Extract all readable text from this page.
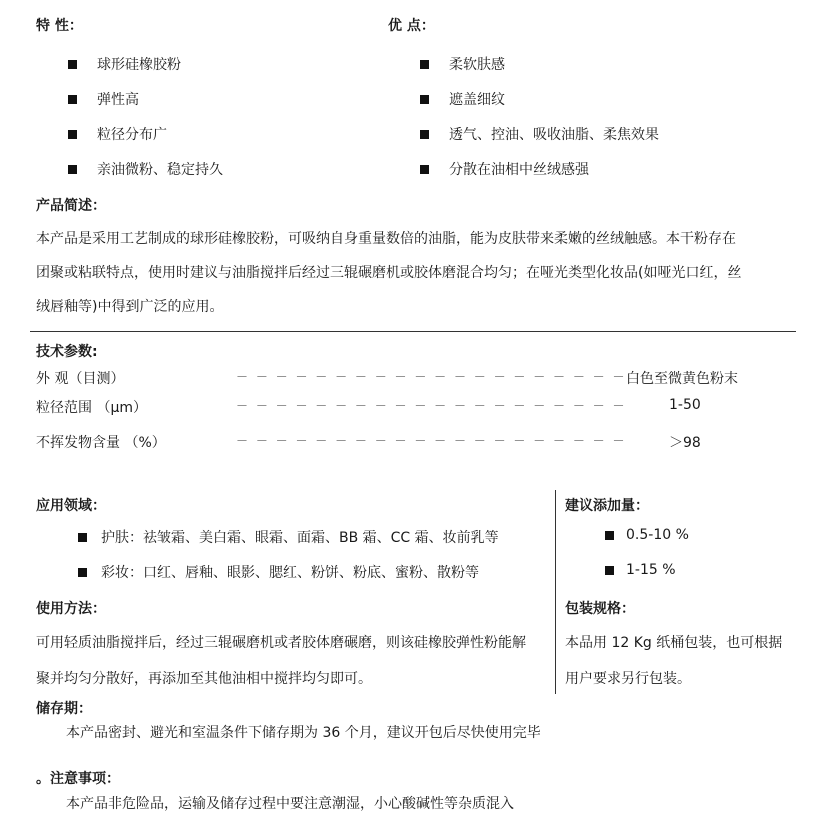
特 性：
球形硅橡胶粉
弹性高
粒径分布广
亲油微粉、稳定持久
优 点：
柔软肤感
遮盖细纹
透气、控油、吸收油脂、柔焦效果
分散在油相中丝绒感强
产品简述：
本产品是采用工艺制成的球形硅橡胶粉，可吸纳自身重量数倍的油脂，能为皮肤带来柔嫩的丝绒触感。本干粉存在
团聚或粘联特点，使用时建议与油脂搅拌后经过三辊碾磨机或胶体磨混合均匀；在哑光类型化妆品(如哑光口红，丝
绒唇釉等)中得到广泛的应用。
技术参数:
外 观（目测）	－ － － － － － － － － － － － － － － － － － － － 白色至微黄色粉末
粒径范围 （μm）	－ － － － － － － － － － － － － － － － － － － －	1-50
不挥发物含量 （%）	－ － － － － － － － － － － － － － － － － － － －	＞98
应用领域：
护肤：祛皱霜、美白霜、眼霜、面霜、BB 霜、CC 霜、妆前乳等
彩妆：口红、唇釉、眼影、腮红、粉饼、粉底、蜜粉、散粉等
建议添加量：
0.5-10 %
1-15 %
使用方法：
可用轻质油脂搅拌后，经过三辊碾磨机或者胶体磨碾磨，则该硅橡胶弹性粉能解
聚并均匀分散好，再添加至其他油相中搅拌均匀即可。
包装规格：
本品用 12 Kg 纸桶包装，也可根据
用户要求另行包装。
储存期：
本产品密封、避光和室温条件下储存期为 36 个月，建议开包后尽快使用完毕
。注意事项：
本产品非危险品，运输及储存过程中要注意潮湿，小心酸碱性等杂质混入
